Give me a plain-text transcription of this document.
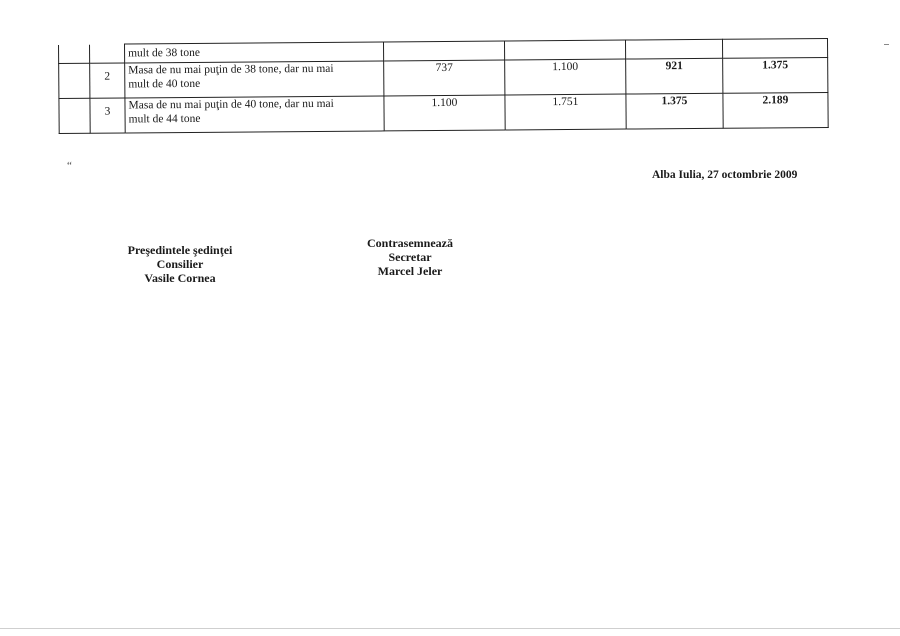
		mult de 38 tone				

	2	Masa de nu mai puţin de 38 tone, dar nu mai
mult de 40 tone	737	1.100	921	1.375
	3	Masa de nu mai puţin de 40 tone, dar nu mai
mult de 44 tone	1.100	1.751	1.375	2.189
“
Alba Iulia, 27 octombrie 2009
Preşedintele şedinţei
Consilier
Vasile Cornea
Contrasemnează
Secretar
Marcel Jeler
